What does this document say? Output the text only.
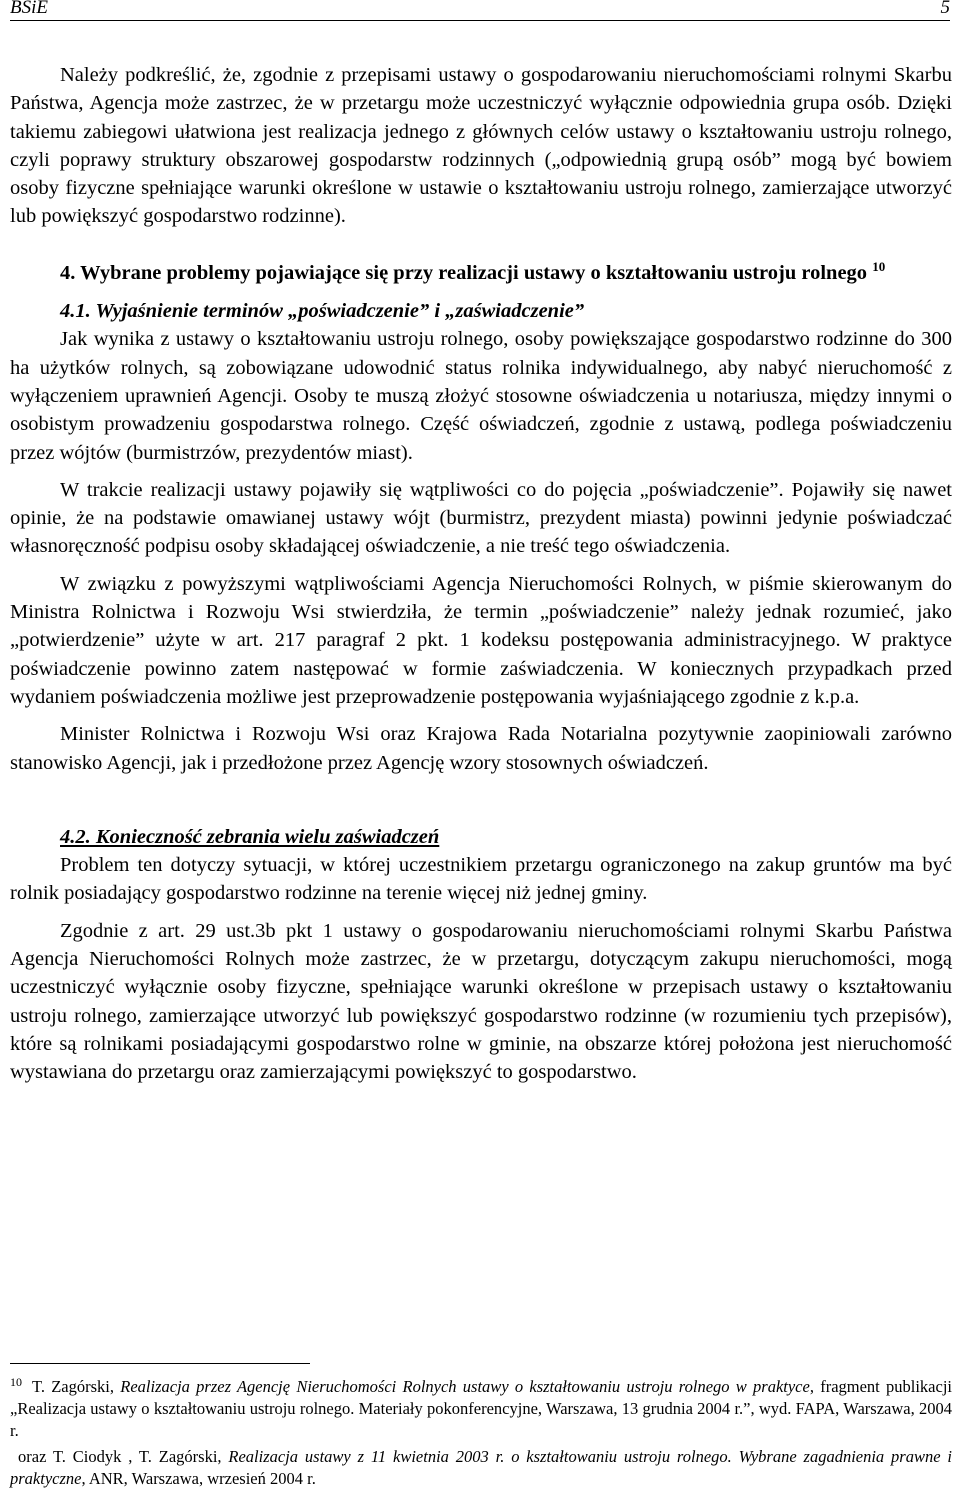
BSiE	5

Należy podkreślić, że, zgodnie z przepisami ustawy o gospodarowaniu nieruchomościami rolnymi Skarbu Państwa, Agencja może zastrzec, że w przetargu może uczestniczyć wyłącznie odpowiednia grupa osób. Dzięki takiemu zabiegowi ułatwiona jest realizacja jednego z głównych celów ustawy o kształtowaniu ustroju rolnego, czyli poprawy struktury obszarowej gospodarstw rodzinnych („odpowiednią grupą osób” mogą być bowiem osoby fizyczne spełniające warunki określone w ustawie o kształtowaniu ustroju rolnego, zamierzające utworzyć lub powiększyć gospodarstwo rodzinne).

4. Wybrane problemy pojawiające się przy realizacji ustawy o kształtowaniu ustroju rolnego $^{10}$
4.1. Wyjaśnienie terminów „poświadczenie” i „zaświadczenie”

Jak wynika z ustawy o kształtowaniu ustroju rolnego, osoby powiększające gospodarstwo rodzinne do 300 ha użytków rolnych, są zobowiązane udowodnić status rolnika indywidualnego, aby nabyć nieruchomość z wyłączeniem uprawnień Agencji. Osoby te muszą złożyć stosowne oświadczenia u notariusza, między innymi o osobistym prowadzeniu gospodarstwa rolnego. Część oświadczeń, zgodnie z ustawą, podlega poświadczeniu przez wójtów (burmistrzów, prezydentów miast).

W trakcie realizacji ustawy pojawiły się wątpliwości co do pojęcia „poświadczenie”. Pojawiły się nawet opinie, że na podstawie omawianej ustawy wójt (burmistrz, prezydent miasta) powinni jedynie poświadczać własnoręczność podpisu osoby składającej oświadczenie, a nie treść tego oświadczenia.

W związku z powyższymi wątpliwościami Agencja Nieruchomości Rolnych, w piśmie skierowanym do Ministra Rolnictwa i Rozwoju Wsi stwierdziła, że termin „poświadczenie” należy jednak rozumieć, jako „potwierdzenie” użyte w art. 217 paragraf 2 pkt. 1 kodeksu postępowania administracyjnego. W praktyce poświadczenie powinno zatem następować w formie zaświadczenia. W koniecznych przypadkach przed wydaniem poświadczenia możliwe jest przeprowadzenie postępowania wyjaśniającego zgodnie z k.p.a.

Minister Rolnictwa i Rozwoju Wsi oraz Krajowa Rada Notarialna pozytywnie zaopiniowali zarówno stanowisko Agencji, jak i przedłożone przez Agencję wzory stosownych oświadczeń.

4.2. Konieczność zebrania wielu zaświadczeń

Problem ten dotyczy sytuacji, w której uczestnikiem przetargu ograniczonego na zakup gruntów ma być rolnik posiadający gospodarstwo rodzinne na terenie więcej niż jednej gminy.

Zgodnie z art. 29 ust.3b pkt 1 ustawy o gospodarowaniu nieruchomościami rolnymi Skarbu Państwa Agencja Nieruchomości Rolnych może zastrzec, że w przetargu, dotyczącym zakupu nieruchomości, mogą uczestniczyć wyłącznie osoby fizyczne, spełniające warunki określone w przepisach ustawy o kształtowaniu ustroju rolnego, zamierzające utworzyć lub powiększyć gospodarstwo rodzinne (w rozumieniu tych przepisów), które są rolnikami posiadającymi gospodarstwo rolne w gminie, na obszarze której położona jest nieruchomość wystawiana do przetargu oraz zamierzającymi powiększyć to gospodarstwo.

$^{10}$ T. Zagórski, Realizacja przez Agencję Nieruchomości Rolnych ustawy o kształtowaniu ustroju rolnego w praktyce, fragment publikacji „Realizacja ustawy o kształtowaniu ustroju rolnego. Materiały pokonferencyjne, Warszawa, 13 grudnia 2004 r.”, wyd. FAPA, Warszawa, 2004 r.

oraz T. Ciodyk , T. Zagórski, Realizacja ustawy z 11 kwietnia 2003 r. o kształtowaniu ustroju rolnego. Wybrane zagadnienia prawne i praktyczne, ANR, Warszawa, wrzesień 2004 r.
